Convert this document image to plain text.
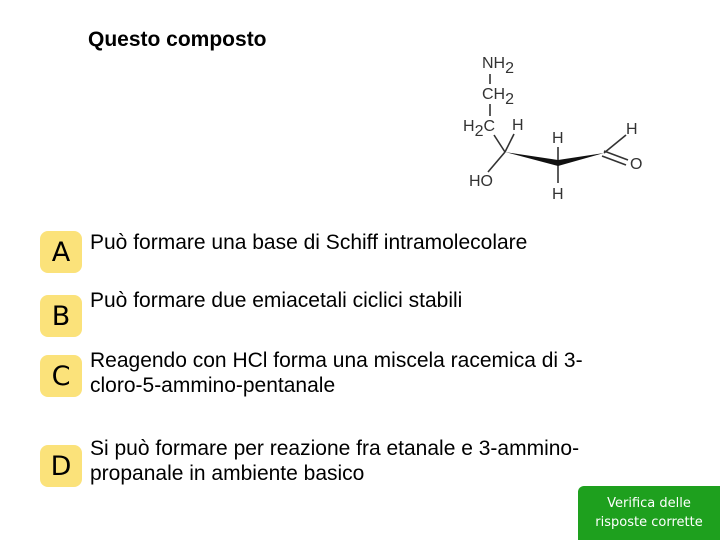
Questo composto
NH2
CH2
H2C H
H
H
HO
H
O
A Può formare una base di Schiff intramolecolare
B Può formare due emiacetali ciclici stabili
C Reagendo con HCl forma una miscela racemica di 3-
cloro-5-ammino-pentanale
D
Si può formare per reazione fra etanale e 3-ammino-
propanale in ambiente basico
Verifica delle
risposte corrette
